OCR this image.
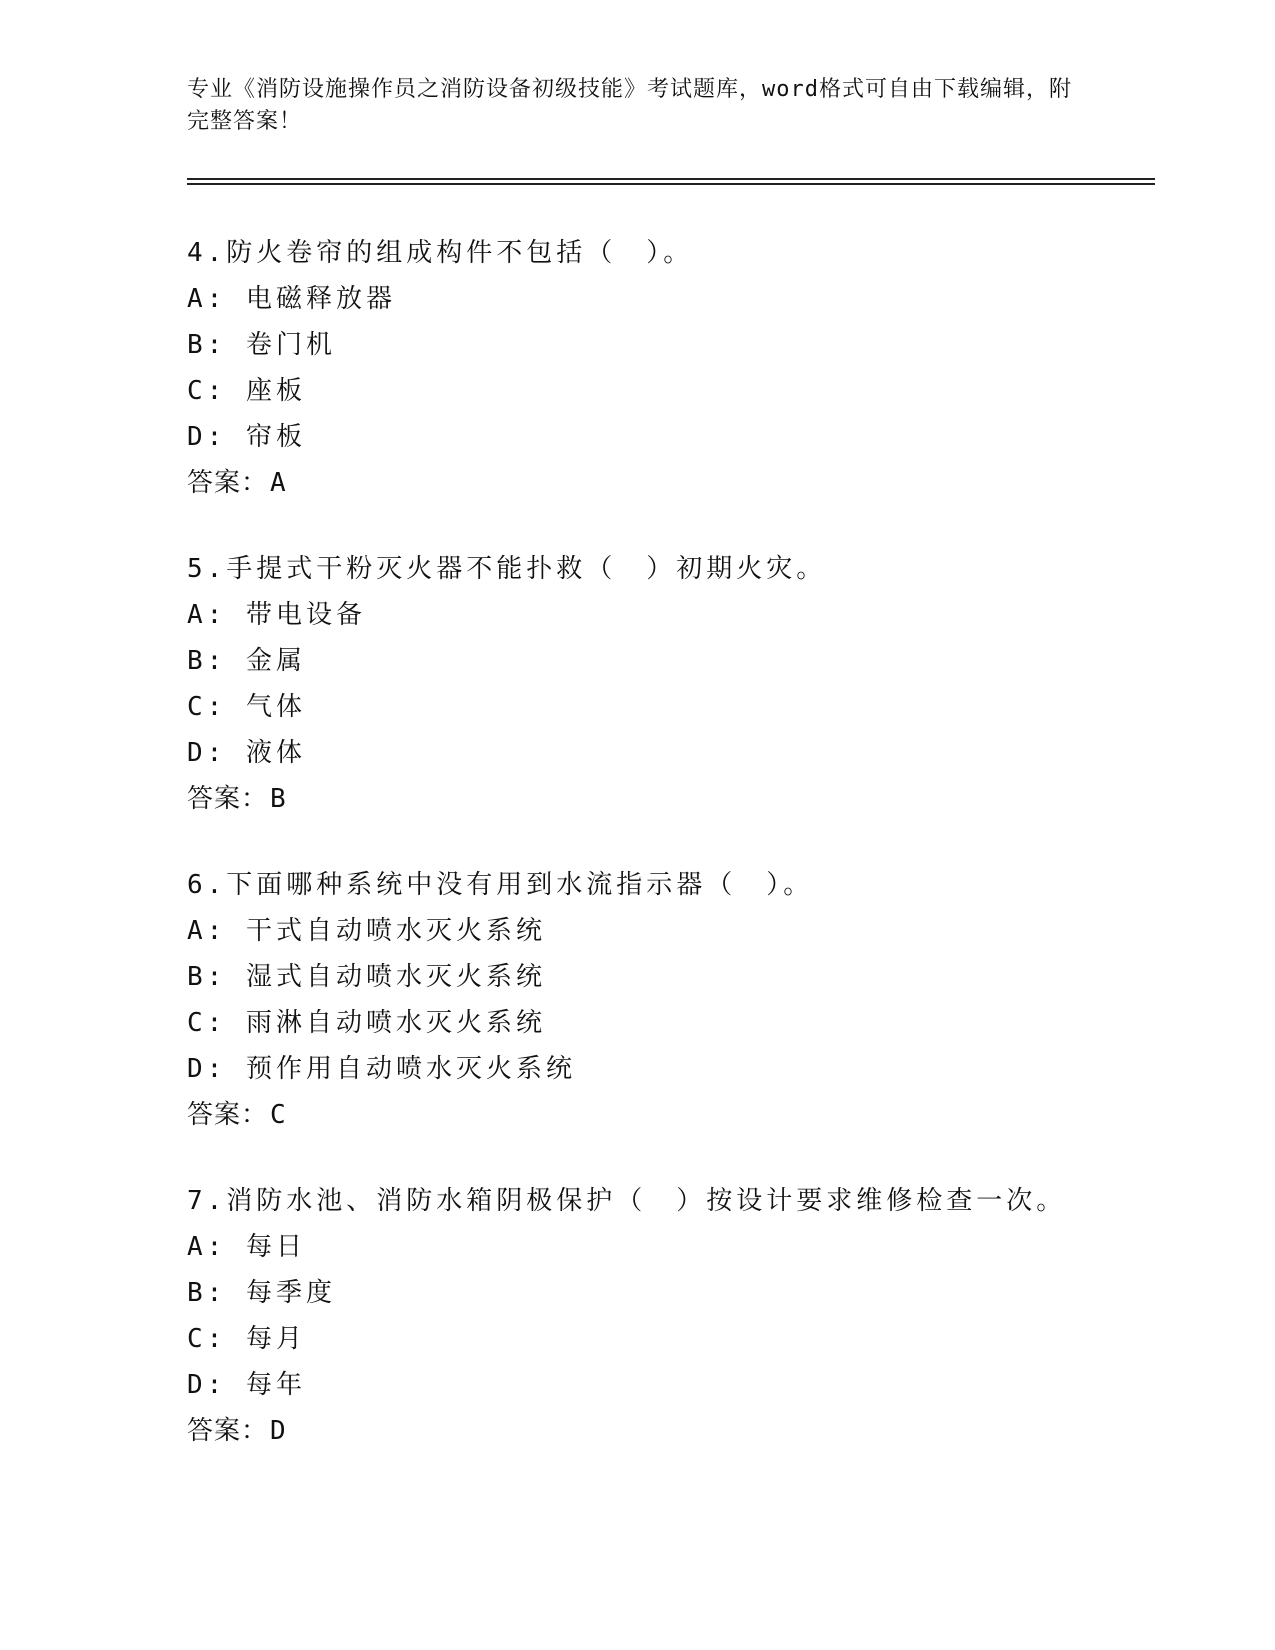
专业《消防设施操作员之消防设备初级技能》考试题库，word格式可自由下载编辑，附完整答案！
4.防火卷帘的组成构件不包括（　）。
A: 电磁释放器
B: 卷门机
C: 座板
D: 帘板
答案：A
5.手提式干粉灭火器不能扑救（　）初期火灾。
A: 带电设备
B: 金属
C: 气体
D: 液体
答案：B
6.下面哪种系统中没有用到水流指示器（　）。
A: 干式自动喷水灭火系统
B: 湿式自动喷水灭火系统
C: 雨淋自动喷水灭火系统
D: 预作用自动喷水灭火系统
答案：C
7.消防水池、消防水箱阴极保护（　）按设计要求维修检查一次。
A: 每日
B: 每季度
C: 每月
D: 每年
答案：D
